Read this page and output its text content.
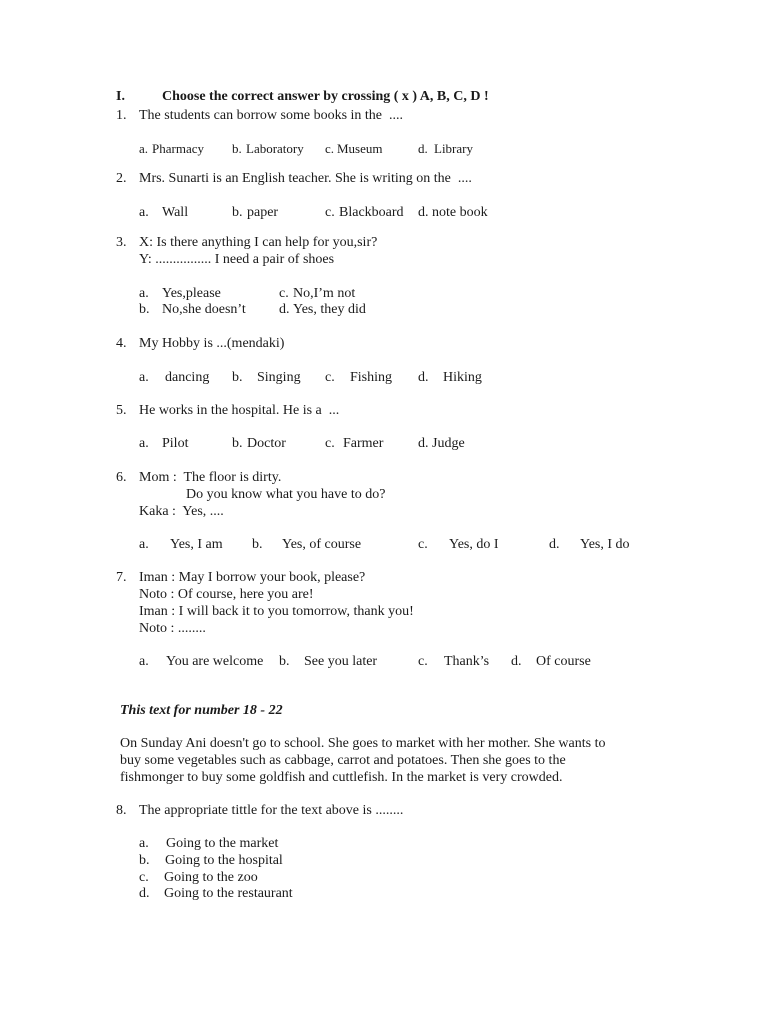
I.	Choose the correct answer by crossing ( x ) A, B, C, D !
1. The students can borrow some books in the  ....
a. Pharmacy b. Laboratory c. Museum	d. Library
2. Mrs. Sunarti is an English teacher. She is writing on the  ....
a. Wall	b. paper	c. Blackboard d. note book
3. X: Is there anything I can help for you,sir?
Y: ................ I need a pair of shoes
a. Yes,please
b. No,she doesn’t
c. No,I’m not
d. Yes, they did
4. My Hobby is ...(mendaki)
a. dancing b. Singing c. Fishing d. Hiking
5. He works in the hospital. He is a  ...
a. Pilot	b. Doctor	c. Farmer d. Judge
6. Mom :  The floor is dirty.
Do you know what you have to do?
Kaka :  Yes, ....
a. Yes, I am b. Yes, of course	c. Yes, do I	d. Yes, I do
7. Iman : May I borrow your book, please?
Noto : Of course, here you are!
Iman : I will back it to you tomorrow, thank you!
Noto : ........
a. You are welcome b. See you later	c. Thank’s d. Of course
This text for number 18 - 22
On Sunday Ani doesn't go to school. She goes to market with her mother. She wants to
buy some vegetables such as cabbage, carrot and potatoes. Then she goes to the
fishmonger to buy some goldfish and cuttlefish. In the market is very crowded.
8. The appropriate tittle for the text above is ........
a. Going to the market
b. Going to the hospital
c. Going to the zoo
d. Going to the restaurant
